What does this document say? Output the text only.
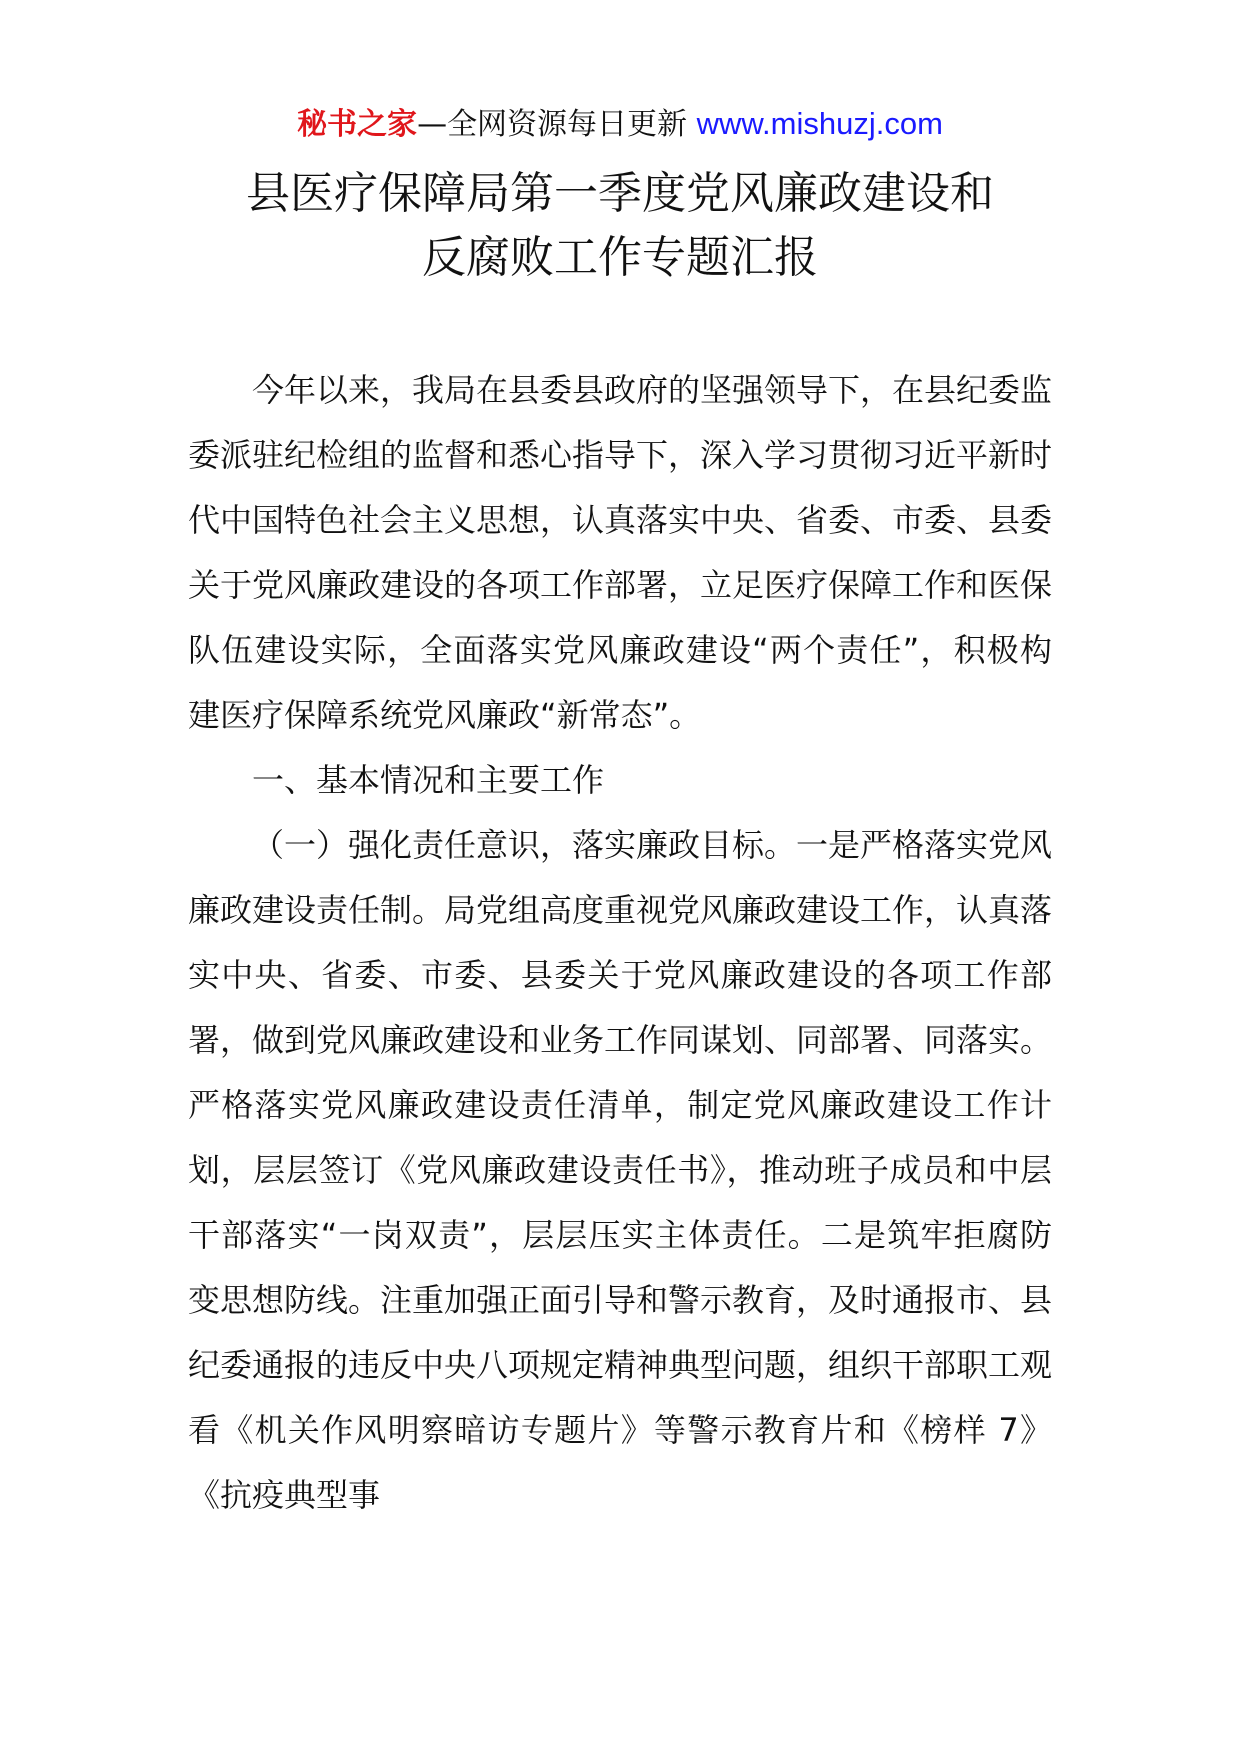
秘书之家—全网资源每日更新 www.mishuzj.com
县医疗保障局第一季度党风廉政建设和
反腐败工作专题汇报

今年以来，我局在县委县政府的坚强领导下，在县纪委监委派驻纪检组的监督和悉心指导下，深入学习贯彻习近平新时代中国特色社会主义思想，认真落实中央、省委、市委、县委关于党风廉政建设的各项工作部署，立足医疗保障工作和医保队伍建设实际，全面落实党风廉政建设“两个责任”，积极构建医疗保障系统党风廉政“新常态”。

一、基本情况和主要工作

（一）强化责任意识，落实廉政目标。一是严格落实党风廉政建设责任制。局党组高度重视党风廉政建设工作，认真落实中央、省委、市委、县委关于党风廉政建设的各项工作部署，做到党风廉政建设和业务工作同谋划、同部署、同落实。严格落实党风廉政建设责任清单，制定党风廉政建设工作计划，层层签订《党风廉政建设责任书》，推动班子成员和中层干部落实“一岗双责”，层层压实主体责任。二是筑牢拒腐防变思想防线。注重加强正面引导和警示教育，及时通报市、县纪委通报的违反中央八项规定精神典型问题，组织干部职工观看《机关作风明察暗访专题片》等警示教育片和《榜样 7》《抗疫典型事
